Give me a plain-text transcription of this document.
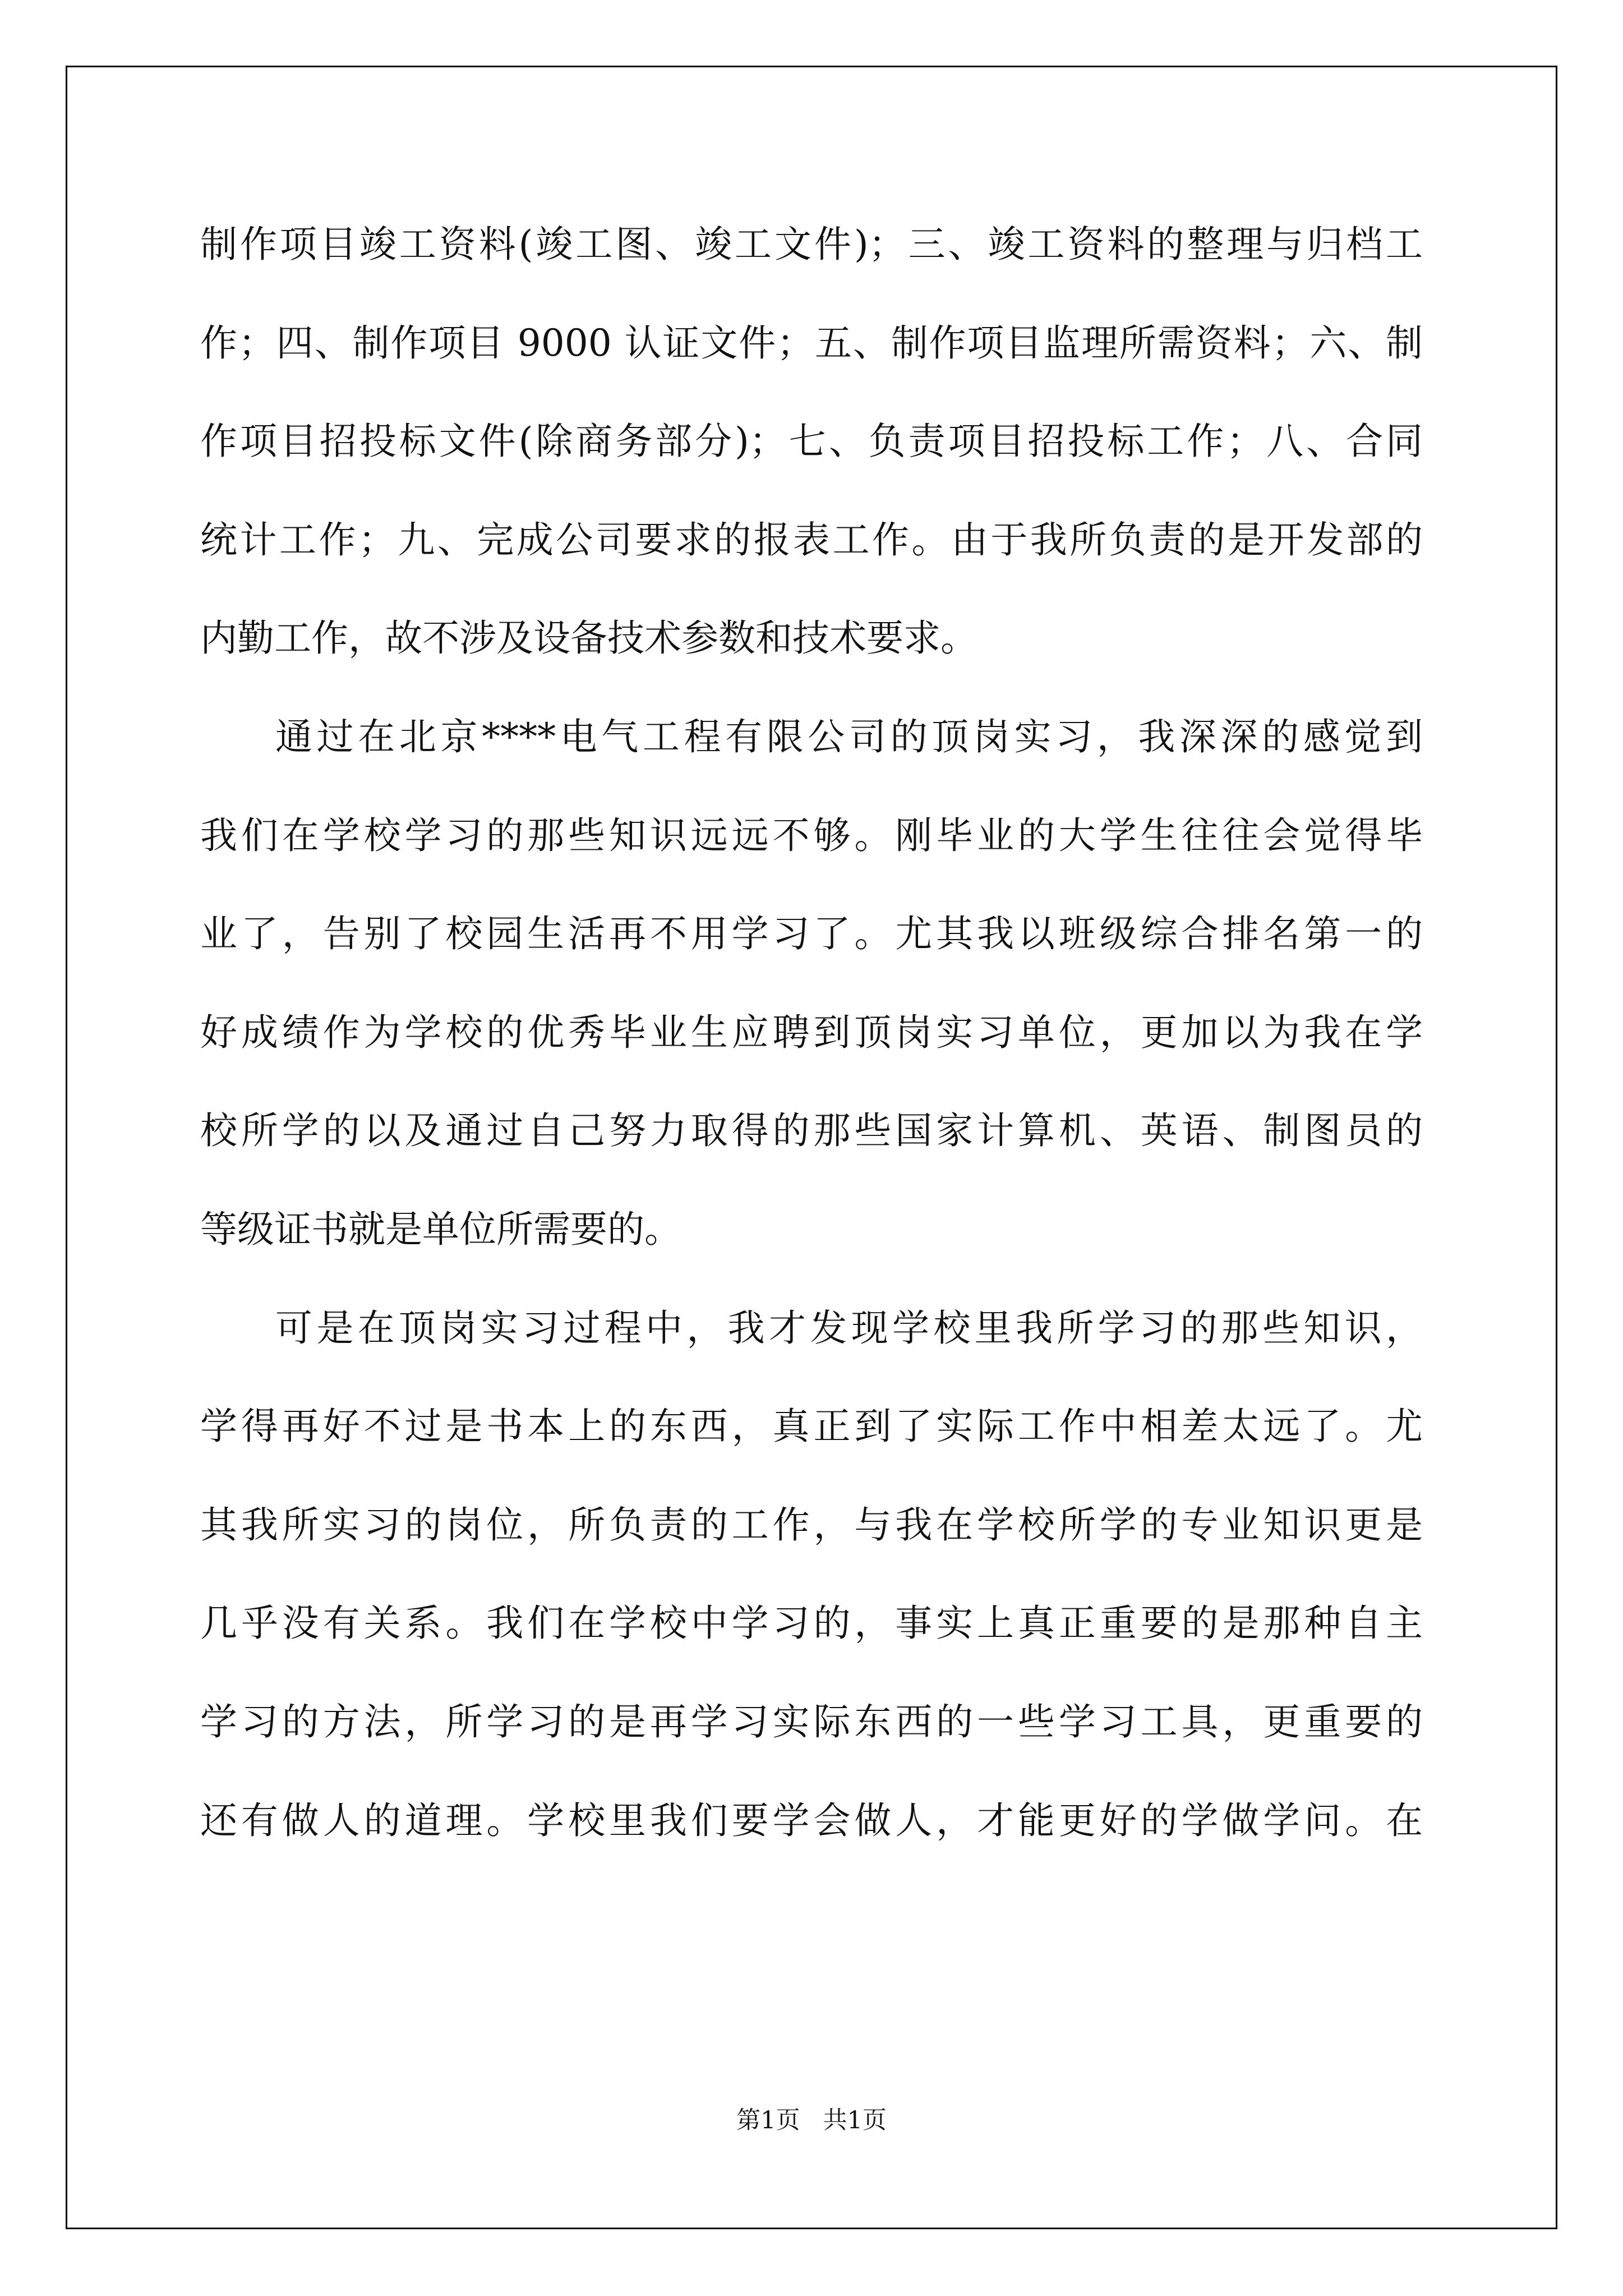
制作项目竣工资料(竣工图、竣工文件)；三、竣工资料的整理与归档工
作；四、制作项目 9000 认证文件；五、制作项目监理所需资料；六、制
作项目招投标文件(除商务部分)；七、负责项目招投标工作；八、合同
统计工作；九、完成公司要求的报表工作。由于我所负责的是开发部的
内勤工作，故不涉及设备技术参数和技术要求。
通过在北京****电气工程有限公司的顶岗实习，我深深的感觉到
我们在学校学习的那些知识远远不够。刚毕业的大学生往往会觉得毕
业了，告别了校园生活再不用学习了。尤其我以班级综合排名第一的
好成绩作为学校的优秀毕业生应聘到顶岗实习单位，更加以为我在学
校所学的以及通过自己努力取得的那些国家计算机、英语、制图员的
等级证书就是单位所需要的。
可是在顶岗实习过程中，我才发现学校里我所学习的那些知识，
学得再好不过是书本上的东西，真正到了实际工作中相差太远了。尤
其我所实习的岗位，所负责的工作，与我在学校所学的专业知识更是
几乎没有关系。我们在学校中学习的，事实上真正重要的是那种自主
学习的方法，所学习的是再学习实际东西的一些学习工具，更重要的
还有做人的道理。学校里我们要学会做人，才能更好的学做学问。在
第1页   共1页
